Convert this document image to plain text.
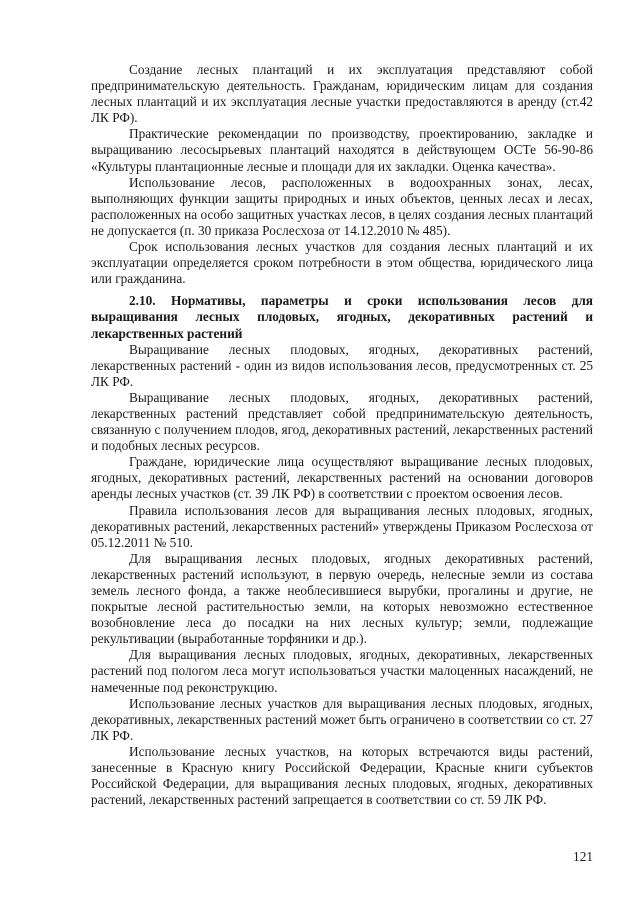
Создание лесных плантаций и их эксплуатация представляют собой предпринимательскую деятельность. Гражданам, юридическим лицам для создания лесных плантаций и их эксплуатация лесные участки предоставляются в аренду (ст.42 ЛК РФ).

Практические рекомендации по производству, проектированию, закладке и выращиванию лесосырьевых плантаций находятся в действующем ОСТе 56-90-86 «Культуры плантационные лесные и площади для их закладки. Оценка качества».

Использование лесов, расположенных в водоохранных зонах, лесах, выполняющих функции защиты природных и иных объектов, ценных лесах и лесах, расположенных на особо защитных участках лесов, в целях создания лесных плантаций не допускается (п. 30 приказа Рослесхоза от 14.12.2010 № 485).

Срок использования лесных участков для создания лесных плантаций и их эксплуатации определяется сроком потребности в этом общества, юридического лица или гражданина.

2.10. Нормативы, параметры и сроки использования лесов для выращивания лесных плодовых, ягодных, декоративных растений и лекарственных растений

Выращивание лесных плодовых, ягодных, декоративных растений, лекарственных растений - один из видов использования лесов, предусмотренных ст. 25 ЛК РФ.

Выращивание лесных плодовых, ягодных, декоративных растений, лекарственных растений представляет собой предпринимательскую деятельность, связанную с получением плодов, ягод, декоративных растений, лекарственных растений и подобных лесных ресурсов.

Граждане, юридические лица осуществляют выращивание лесных плодовых, ягодных, декоративных растений, лекарственных растений на основании договоров аренды лесных участков (ст. 39 ЛК РФ) в соответствии с проектом освоения лесов.

Правила использования лесов для выращивания лесных плодовых, ягодных, декоративных растений, лекарственных растений» утверждены Приказом Рослесхоза от 05.12.2011 № 510.

Для выращивания лесных плодовых, ягодных декоративных растений, лекарственных растений используют, в первую очередь, нелесные земли из состава земель лесного фонда, а также необлесившиеся вырубки, прогалины и другие, не покрытые лесной растительностью земли, на которых невозможно естественное возобновление леса до посадки на них лесных культур; земли, подлежащие рекультивации (выработанные торфяники и др.).

Для выращивания лесных плодовых, ягодных, декоративных, лекарственных растений под пологом леса могут использоваться участки малоценных насаждений, не намеченные под реконструкцию.

Использование лесных участков для выращивания лесных плодовых, ягодных, декоративных, лекарственных растений может быть ограничено в соответствии со ст. 27 ЛК РФ.

Использование лесных участков, на которых встречаются виды растений, занесенные в Красную книгу Российской Федерации, Красные книги субъектов Российской Федерации, для выращивания лесных плодовых, ягодных, декоративных растений, лекарственных растений запрещается в соответствии со ст. 59 ЛК РФ.

121
